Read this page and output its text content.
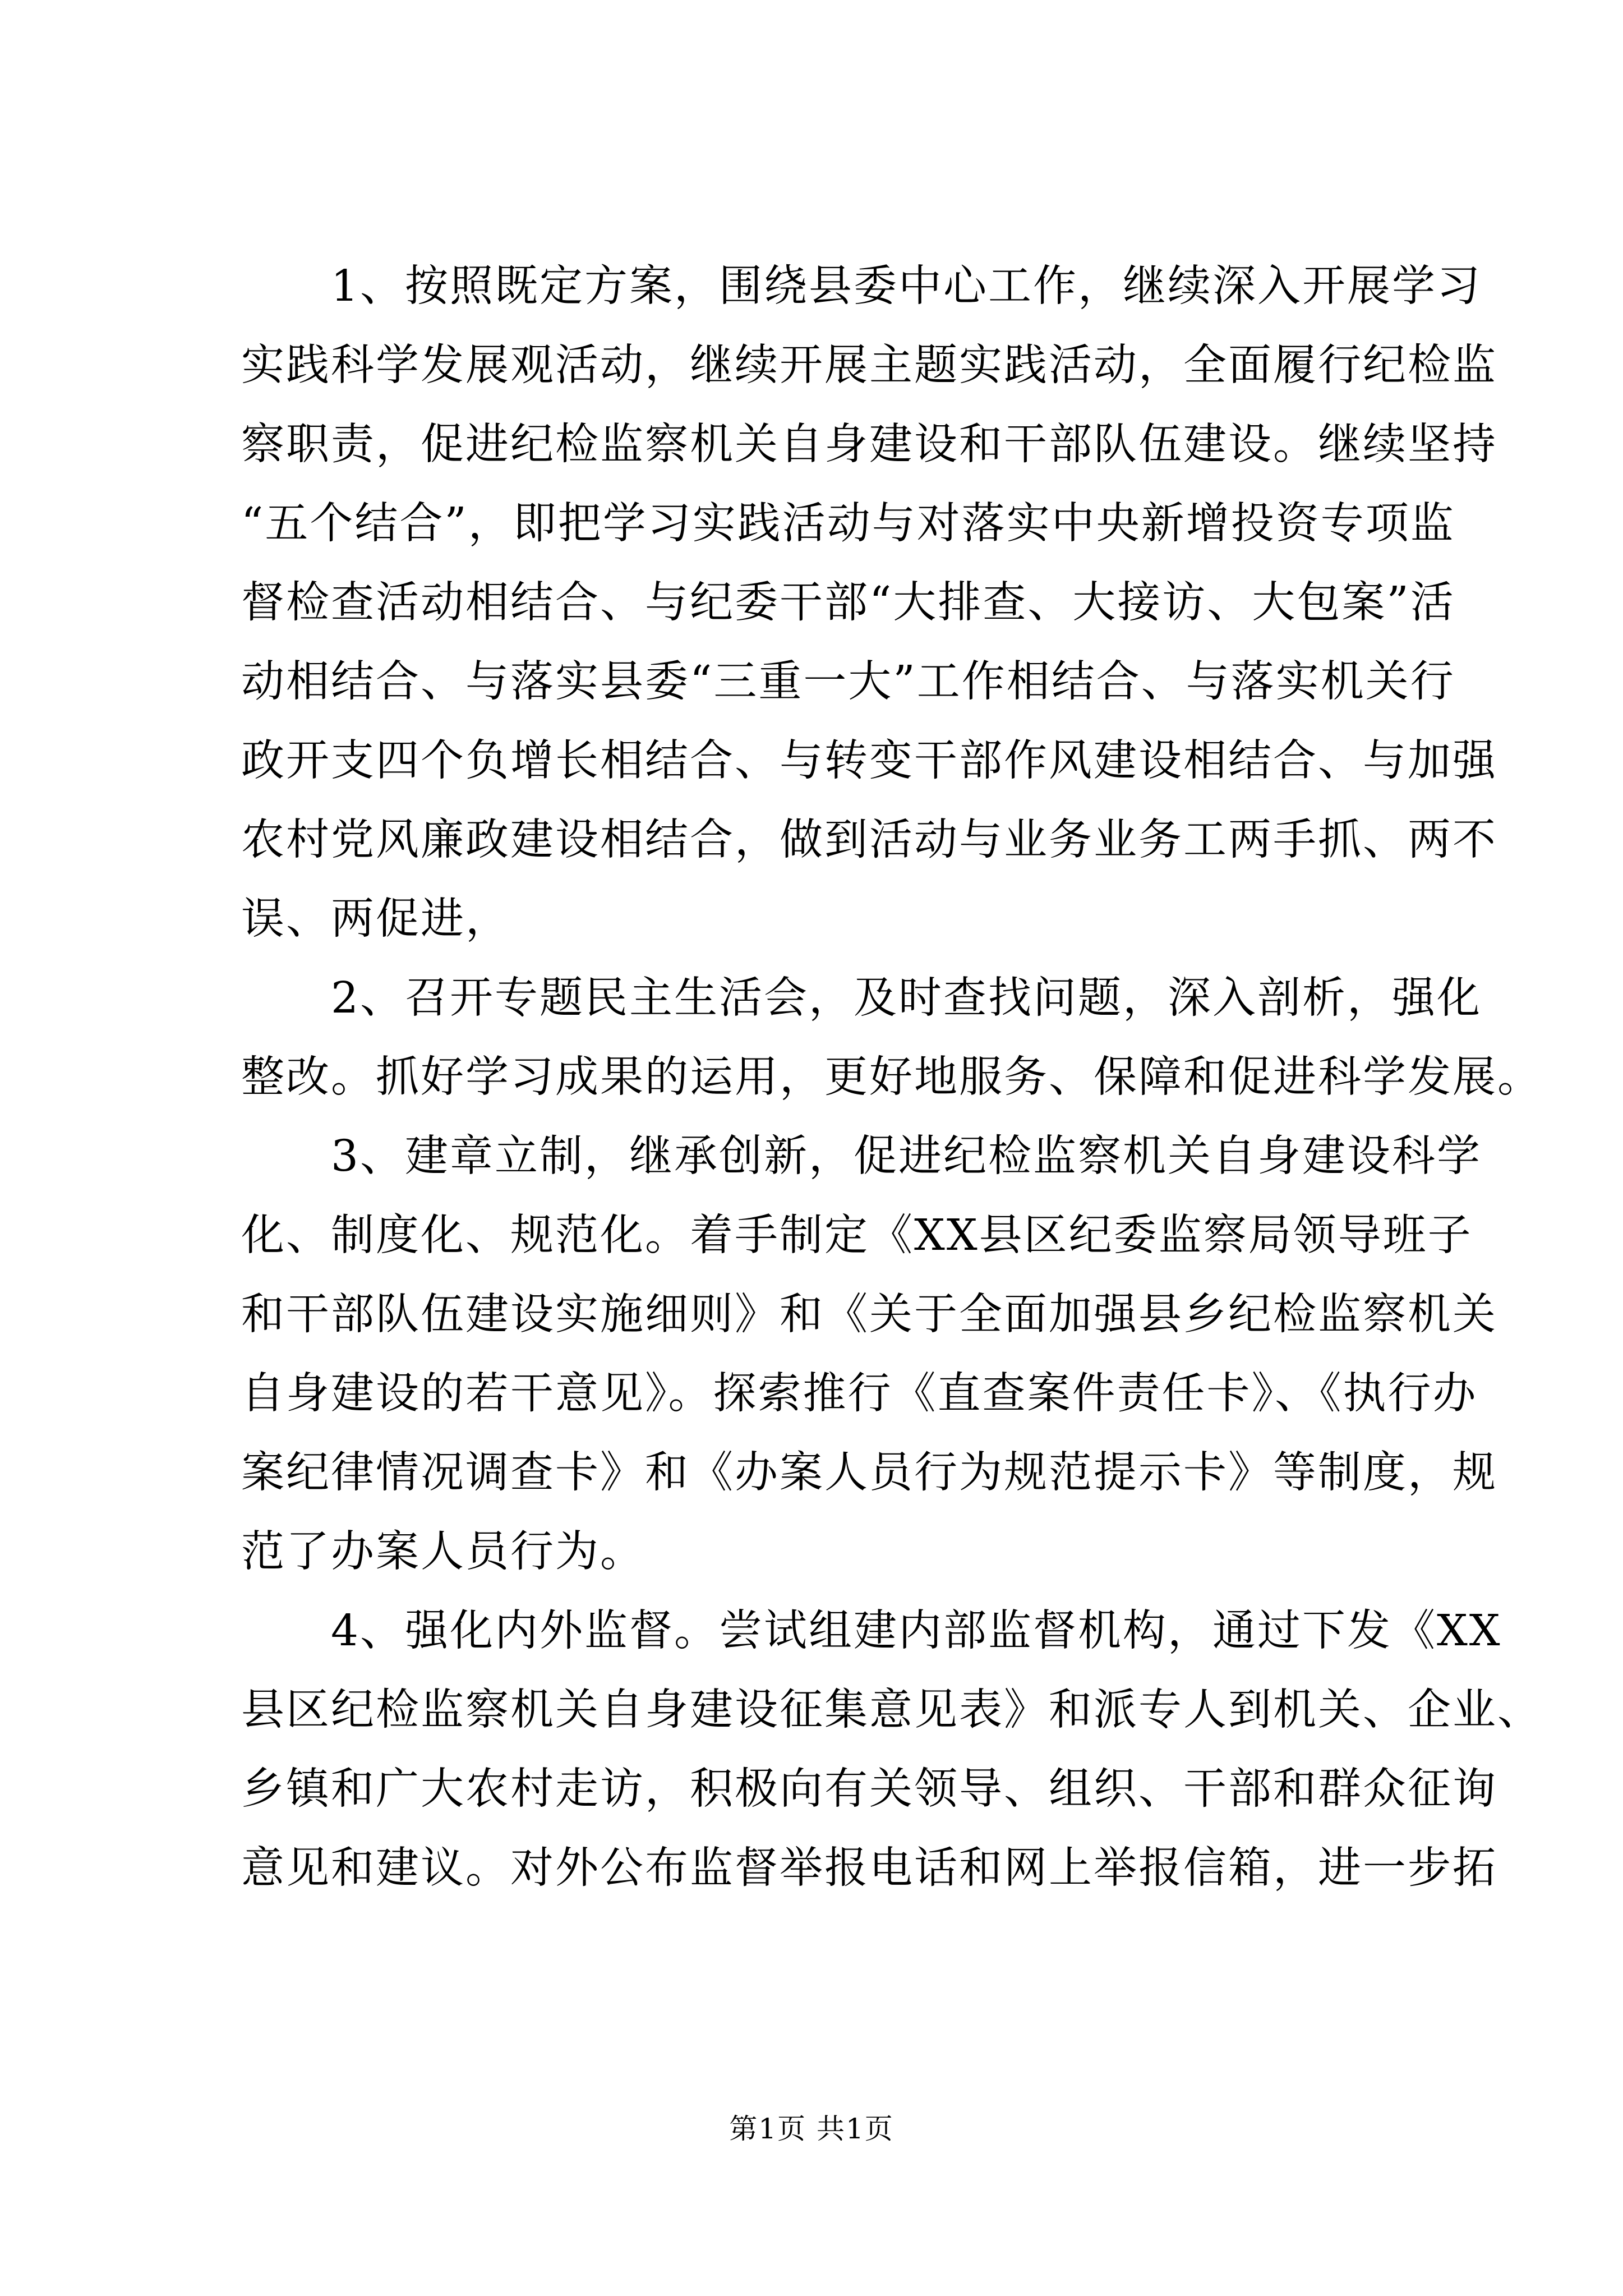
1、按照既定方案，围绕县委中心工作，继续深入开展学习
实践科学发展观活动，继续开展主题实践活动，全面履行纪检监
察职责，促进纪检监察机关自身建设和干部队伍建设。继续坚持
“五个结合”，即把学习实践活动与对落实中央新增投资专项监
督检查活动相结合、与纪委干部“大排查、大接访、大包案”活
动相结合、与落实县委“三重一大”工作相结合、与落实机关行
政开支四个负增长相结合、与转变干部作风建设相结合、与加强
农村党风廉政建设相结合，做到活动与业务业务工两手抓、两不
误、两促进，
2、召开专题民主生活会，及时查找问题，深入剖析，强化
整改。抓好学习成果的运用，更好地服务、保障和促进科学发展。
3、建章立制，继承创新，促进纪检监察机关自身建设科学
化、制度化、规范化。着手制定《XX县区纪委监察局领导班子
和干部队伍建设实施细则》和《关于全面加强县乡纪检监察机关
自身建设的若干意见》。探索推行《直查案件责任卡》、《执行办
案纪律情况调查卡》和《办案人员行为规范提示卡》等制度，规
范了办案人员行为。
4、强化内外监督。尝试组建内部监督机构，通过下发《XX
县区纪检监察机关自身建设征集意见表》和派专人到机关、企业、
乡镇和广大农村走访，积极向有关领导、组织、干部和群众征询
意见和建议。对外公布监督举报电话和网上举报信箱，进一步拓
第1页 共1页
